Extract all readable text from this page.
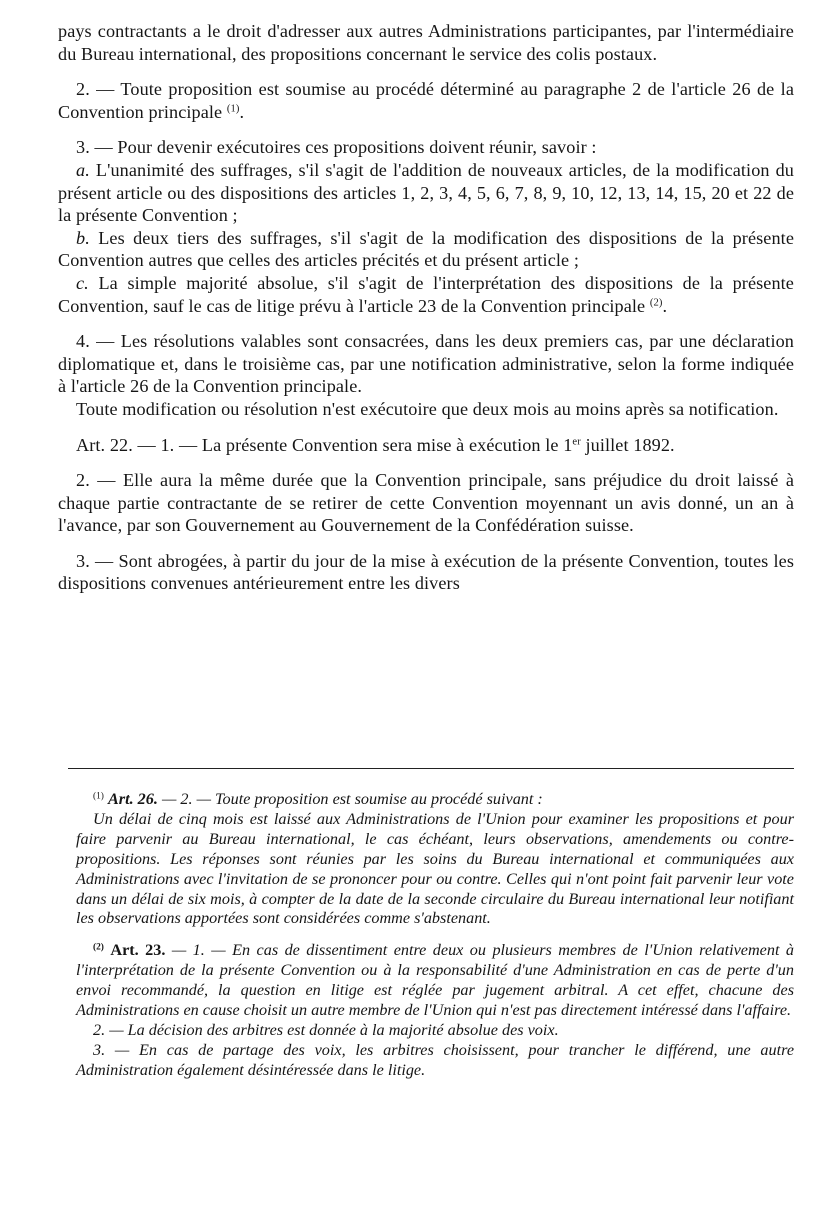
pays contractants a le droit d'adresser aux autres Administrations participantes, par l'intermédiaire du Bureau international, des propositions concernant le service des colis postaux.

2. — Toute proposition est soumise au procédé déterminé au paragraphe 2 de l'article 26 de la Convention principale $^{(1)}$.

3. — Pour devenir exécutoires ces propositions doivent réunir, savoir :

a. L'unanimité des suffrages, s'il s'agit de l'addition de nouveaux articles, de la modification du présent article ou des dispositions des articles 1, 2, 3, 4, 5, 6, 7, 8, 9, 10, 12, 13, 14, 15, 20 et 22 de la présente Convention ;

b. Les deux tiers des suffrages, s'il s'agit de la modification des dispositions de la présente Convention autres que celles des articles précités et du présent article ;

c. La simple majorité absolue, s'il s'agit de l'interprétation des dispositions de la présente Convention, sauf le cas de litige prévu à l'article 23 de la Convention principale $^{(2)}$.

4. — Les résolutions valables sont consacrées, dans les deux premiers cas, par une déclaration diplomatique et, dans le troisième cas, par une notification administrative, selon la forme indiquée à l'article 26 de la Convention principale.

Toute modification ou résolution n'est exécutoire que deux mois au moins après sa notification.

Art. 22. — 1. — La présente Convention sera mise à exécution le 1er juillet 1892.

2. — Elle aura la même durée que la Convention principale, sans préjudice du droit laissé à chaque partie contractante de se retirer de cette Convention moyennant un avis donné, un an à l'avance, par son Gouvernement au Gouvernement de la Confédération suisse.

3. — Sont abrogées, à partir du jour de la mise à exécution de la présente Convention, toutes les dispositions convenues antérieurement entre les divers

$^{(1)}$ Art. 26. — 2. — Toute proposition est soumise au procédé suivant :

Un délai de cinq mois est laissé aux Administrations de l'Union pour examiner les propositions et pour faire parvenir au Bureau international, le cas échéant, leurs observations, amendements ou contre-propositions. Les réponses sont réunies par les soins du Bureau international et communiquées aux Administrations avec l'invitation de se prononcer pour ou contre. Celles qui n'ont point fait parvenir leur vote dans un délai de six mois, à compter de la date de la seconde circulaire du Bureau international leur notifiant les observations apportées sont considérées comme s'abstenant.

$^{(2)}$ Art. 23. — 1. — En cas de dissentiment entre deux ou plusieurs membres de l'Union relativement à l'interprétation de la présente Convention ou à la responsabilité d'une Administration en cas de perte d'un envoi recommandé, la question en litige est réglée par jugement arbitral. A cet effet, chacune des Administrations en cause choisit un autre membre de l'Union qui n'est pas directement intéressé dans l'affaire.

2. — La décision des arbitres est donnée à la majorité absolue des voix.

3. — En cas de partage des voix, les arbitres choisissent, pour trancher le différend, une autre Administration également désintéressée dans le litige.
